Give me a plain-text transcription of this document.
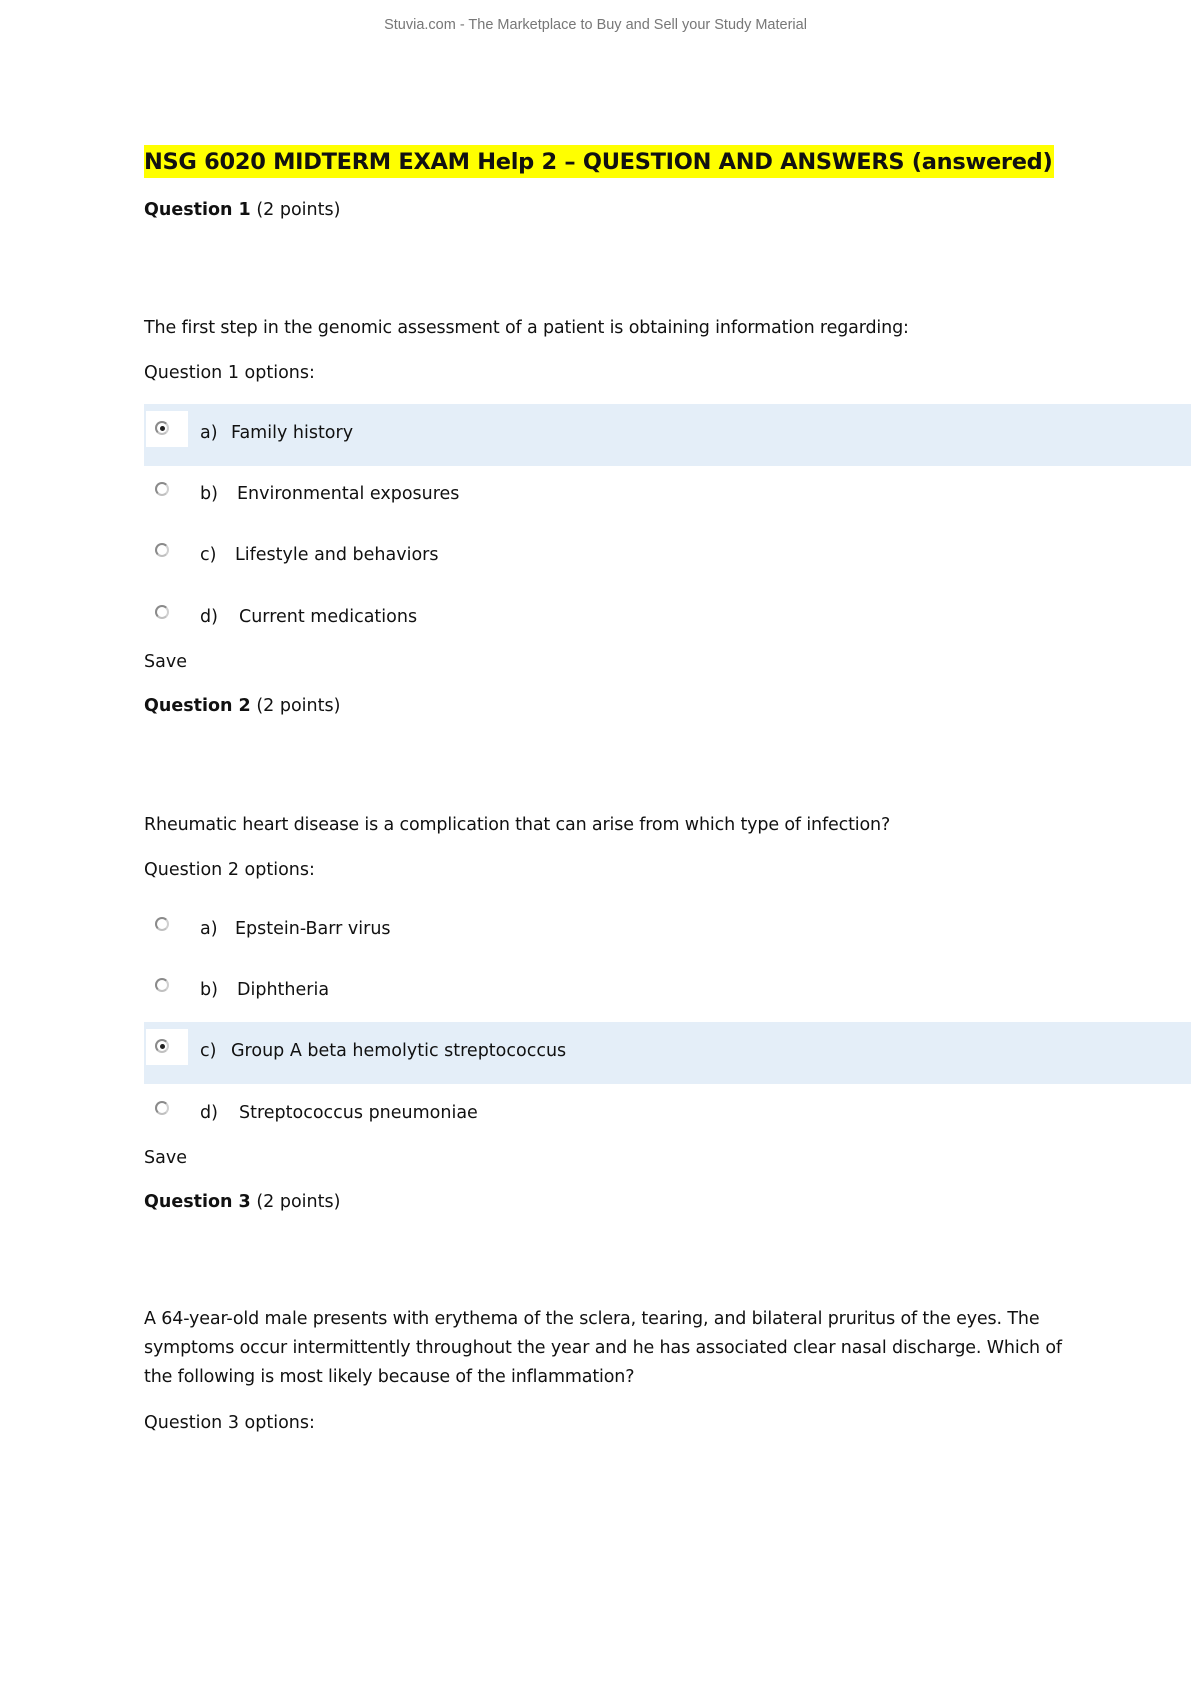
Stuvia.com - The Marketplace to Buy and Sell your Study Material
NSG 6020 MIDTERM EXAM Help 2 – QUESTION AND ANSWERS (answered)
Question 1 (2 points)
The first step in the genomic assessment of a patient is obtaining information regarding:
Question 1 options:
a) Family history
b) Environmental exposures
c) Lifestyle and behaviors
d) Current medications
Save
Question 2 (2 points)
Rheumatic heart disease is a complication that can arise from which type of infection?
Question 2 options:
a) Epstein-Barr virus
b) Diphtheria
c) Group A beta hemolytic streptococcus
d) Streptococcus pneumoniae
Save
Question 3 (2 points)
A 64-year-old male presents with erythema of the sclera, tearing, and bilateral pruritus of the eyes. The symptoms occur intermittently throughout the year and he has associated clear nasal discharge. Which of the following is most likely because of the inflammation?
Question 3 options:
